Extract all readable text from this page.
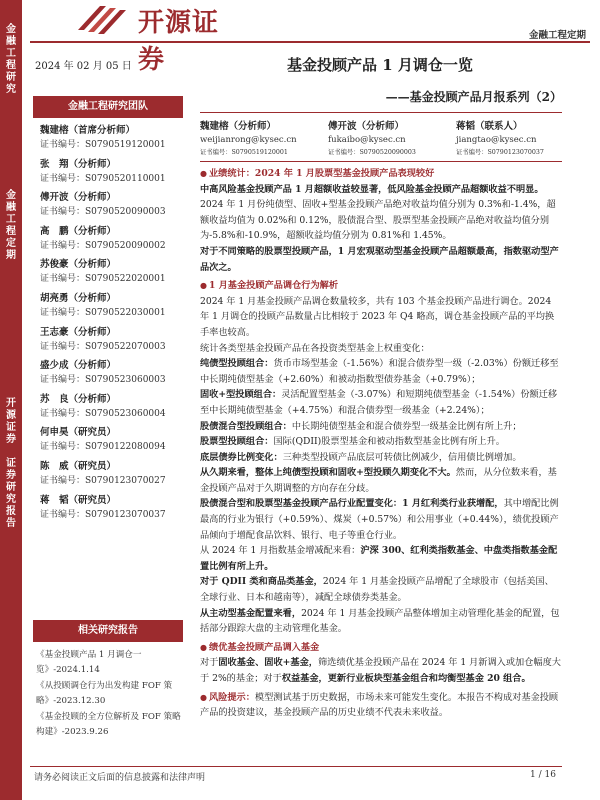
金
融
工
程
研
究
金
融
工
程
定
期
开
源
证
券

证
券
研
究
报
告
开源证券
金融工程定期
2024 年 02 月 05 日
金融工程研究团队
魏建榕（首席分析师）
证书编号：S0790519120001
张　翔（分析师）
证书编号：S0790520110001
傅开波（分析师）
证书编号：S0790520090003
高　鹏（分析师）
证书编号：S0790520090002
苏俊豪（分析师）
证书编号：S0790522020001
胡亮勇（分析师）
证书编号：S0790522030001
王志豪（分析师）
证书编号：S0790522070003
盛少成（分析师）
证书编号：S0790523060003
苏　良（分析师）
证书编号：S0790523060004
何申昊（研究员）
证书编号：S0790122080094
陈　威（研究员）
证书编号：S0790123070027
蒋　韬（研究员）
证书编号：S0790123070037
相关研究报告
《基金投顾产品 1 月调仓一览》-2024.1.14
《从投顾调仓行为出发构建 FOF 策略》-2023.12.30
《基金投顾的全方位解析及 FOF 策略构建》-2023.9.26
基金投顾产品 1 月调仓一览
——基金投顾产品月报系列（2）
魏建榕（分析师）
weijianrong@kysec.cn
证书编号：S0790519120001
傅开波（分析师）
fukaibo@kysec.cn
证书编号：S0790520090003
蒋韬（联系人）
jiangtao@kysec.cn
证书编号：S0790123070037

● 业绩统计：2024 年 1 月股票型基金投顾产品表现较好

中高风险基金投顾产品 1 月超额收益较显著，低风险基金投顾产品超额收益不明显。2024 年 1 月份纯债型、固收+型基金投顾产品绝对收益均值分别为 0.3%和-1.4%，超额收益均值为 0.02%和 0.12%，股债混合型、股票型基金投顾产品绝对收益均值分别为-5.8%和-10.9%，超额收益均值分别为 0.81%和 1.45%。

对于不同策略的股票型投顾产品，1 月宏观驱动型基金投顾产品超额最高，指数驱动型产品次之。

● 1 月基金投顾产品调仓行为解析

2024 年 1 月基金投顾产品调仓数量较多，共有 103 个基金投顾产品进行调仓。2024 年 1 月调仓的投顾产品数量占比相较于 2023 年 Q4 略高，调仓基金投顾产品的平均换手率也较高。

统计各类型基金投顾产品在各投资类型基金上权重变化：

纯债型投顾组合：货币市场型基金（-1.56%）和混合债券型一级（-2.03%）份额迁移至中长期纯债型基金（+2.60%）和被动指数型债券基金（+0.79%）；

固收+型投顾组合：灵活配置型基金（-3.07%）和短期纯债型基金（-1.54%）份额迁移至中长期纯债型基金（+4.75%）和混合债券型一级基金（+2.24%）；

股债混合型投顾组合：中长期纯债型基金和混合债券型一级基金比例有所上升；

股票型投顾组合：国际(QDII)股票型基金和被动指数型基金比例有所上升。

底层债券比例变化：三种类型投顾产品底层可转债比例减少，信用债比例增加。

从久期来看，整体上纯债型投顾和固收+型投顾久期变化不大。然而，从分位数来看，基金投顾产品对于久期调整的方向存在分歧。

股债混合型和股票型基金投顾产品行业配置变化：1 月红利类行业获增配，其中增配比例最高的行业为银行（+0.59%）、煤炭（+0.57%）和公用事业（+0.44%），绩优投顾产品倾向于增配食品饮料、银行、电子等重仓行业。

从 2024 年 1 月指数基金增减配来看：沪深 300、红利类指数基金、中盘类指数基金配置比例有所上升。

对于 QDII 类和商品类基金，2024 年 1 月基金投顾产品增配了全球股市（包括美国、全球行业、日本和越南等），减配全球债券类基金。

从主动型基金配置来看，2024 年 1 月基金投顾产品整体增加主动管理化基金的配置，包括部分跟踪大盘的主动管理化基金。

● 绩优基金投顾产品调入基金

对于固收基金、固收+基金，筛选绩优基金投顾产品在 2024 年 1 月新调入或加仓幅度大于 2%的基金；对于权益基金，更新行业板块型基金组合和均衡型基金 20 组合。

● 风险提示：模型测试基于历史数据，市场未来可能发生变化。本报告不构成对基金投顾产品的投资建议，基金投顾产品的历史业绩不代表未来收益。

请务必阅读正文后面的信息披露和法律声明	1 / 16
